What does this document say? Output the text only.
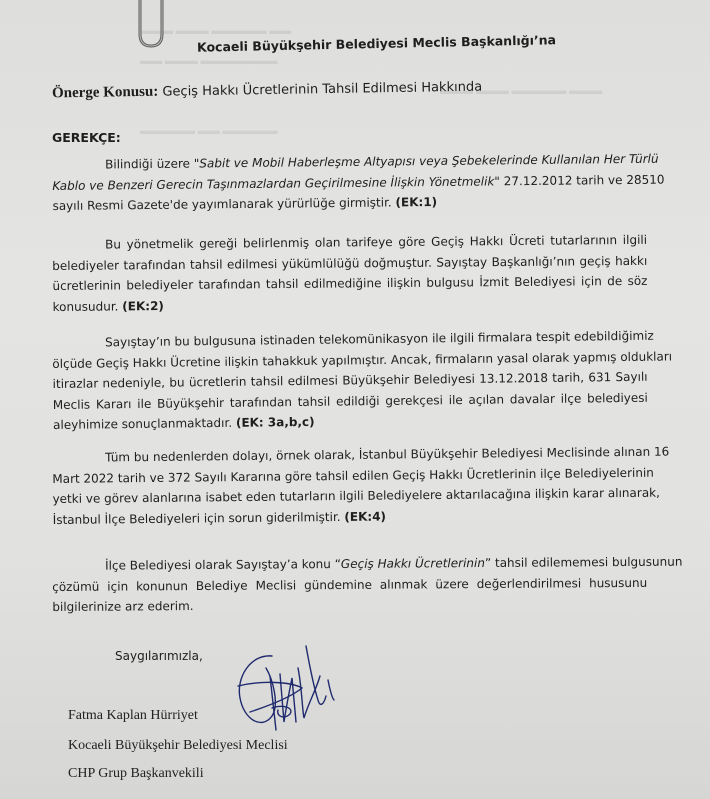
▬▬▬ ▬▬▬ ▬▬▬▬▬ ▬▬
▬▬ ▬▬▬ ▬▬▬▬▬▬▬
▬▬▬ ▬▬▬ ▬▬▬▬▬ ▬▬▬
▬▬▬▬▬ ▬▬ ▬▬▬▬▬
Kocaeli Büyükşehir Belediyesi Meclis Başkanlığı’na
Önerge Konusu: Geçiş Hakkı Ücretlerinin Tahsil Edilmesi Hakkında
GEREKÇE:
Bilindiği üzere "Sabit ve Mobil Haberleşme Altyapısı veya Şebekelerinde Kullanılan Her Türlü
Kablo ve Benzeri Gerecin Taşınmazlardan Geçirilmesine İlişkin Yönetmelik" 27.12.2012 tarih ve 28510
sayılı Resmi Gazete'de yayımlanarak yürürlüğe girmiştir. (EK:1)
Bu yönetmelik gereği belirlenmiş olan tarifeye göre Geçiş Hakkı Ücreti tutarlarının ilgili
belediyeler tarafından tahsil edilmesi yükümlülüğü doğmuştur. Sayıştay Başkanlığı’nın geçiş hakkı
ücretlerinin belediyeler tarafından tahsil edilmediğine ilişkin bulgusu İzmit Belediyesi için de söz
konusudur. (EK:2)
Sayıştay’ın bu bulgusuna istinaden telekomünikasyon ile ilgili firmalara tespit edebildiğimiz
ölçüde Geçiş Hakkı Ücretine ilişkin tahakkuk yapılmıştır. Ancak, firmaların yasal olarak yapmış oldukları
itirazlar nedeniyle, bu ücretlerin tahsil edilmesi Büyükşehir Belediyesi 13.12.2018 tarih, 631 Sayılı
Meclis Kararı ile Büyükşehir tarafından tahsil edildiği gerekçesi ile açılan davalar ilçe belediyesi
aleyhimize sonuçlanmaktadır. (EK: 3a,b,c)
Tüm bu nedenlerden dolayı, örnek olarak, İstanbul Büyükşehir Belediyesi Meclisinde alınan 16
Mart 2022 tarih ve 372 Sayılı Kararına göre tahsil edilen Geçiş Hakkı Ücretlerinin ilçe Belediyelerinin
yetki ve görev alanlarına isabet eden tutarların ilgili Belediyelere aktarılacağına ilişkin karar alınarak,
İstanbul İlçe Belediyeleri için sorun giderilmiştir. (EK:4)
İlçe Belediyesi olarak Sayıştay’a konu “Geçiş Hakkı Ücretlerinin” tahsil edilememesi bulgusunun
çözümü için konunun Belediye Meclisi gündemine alınmak üzere değerlendirilmesi hususunu
bilgilerinize arz ederim.
Saygılarımızla,
Fatma Kaplan Hürriyet
Kocaeli Büyükşehir Belediyesi Meclisi
CHP Grup Başkanvekili
